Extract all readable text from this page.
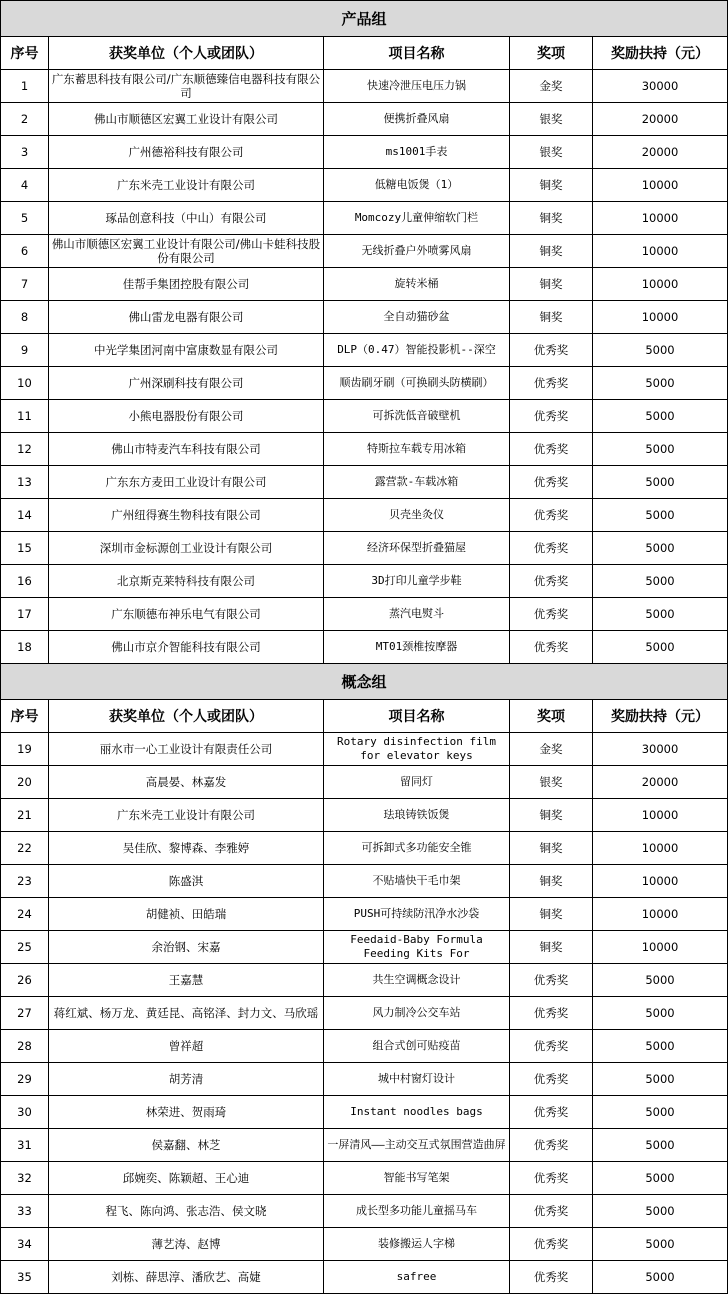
产品组				
序号	获奖单位（个人或团队）	项目名称	奖项	奖励扶持（元）
1	广东蓄思科技有限公司/广东顺德臻信电器科技有限公司	快速冷泄压电压力锅	金奖	30000
2	佛山市顺德区宏翼工业设计有限公司	便携折叠风扇	银奖	20000
3	广州德裕科技有限公司	ms1001手表	银奖	20000
4	广东米壳工业设计有限公司	低糖电饭煲（1）	铜奖	10000
5	琢品创意科技（中山）有限公司	Momcozy儿童伸缩软门栏	铜奖	10000
6	佛山市顺德区宏翼工业设计有限公司/佛山卡蛙科技股份有限公司	无线折叠户外喷雾风扇	铜奖	10000
7	佳帮手集团控股有限公司	旋转米桶	铜奖	10000
8	佛山雷龙电器有限公司	全自动猫砂盆	铜奖	10000
9	中光学集团河南中富康数显有限公司	DLP（0.47）智能投影机--深空	优秀奖	5000
10	广州深刷科技有限公司	顺齿刷牙刷（可换刷头防横刷）	优秀奖	5000
11	小熊电器股份有限公司	可拆洗低音破壁机	优秀奖	5000
12	佛山市特麦汽车科技有限公司	特斯拉车载专用冰箱	优秀奖	5000
13	广东东方麦田工业设计有限公司	露营款-车载冰箱	优秀奖	5000
14	广州纽得赛生物科技有限公司	贝壳坐灸仪	优秀奖	5000
15	深圳市金标源创工业设计有限公司	经济环保型折叠猫屋	优秀奖	5000
16	北京斯克莱特科技有限公司	3D打印儿童学步鞋	优秀奖	5000
17	广东顺德布神乐电气有限公司	蒸汽电熨斗	优秀奖	5000
18	佛山市京介智能科技有限公司	MT01颈椎按摩器	优秀奖	5000
概念组				
序号	获奖单位（个人或团队）	项目名称	奖项	奖励扶持（元）
19	丽水市一心工业设计有限责任公司	Rotary disinfection film for elevator keys	金奖	30000
20	高晨晏、林嘉发	留同灯	银奖	20000
21	广东米壳工业设计有限公司	珐琅铸铁饭煲	铜奖	10000
22	吴佳欣、黎博森、李雅婷	可拆卸式多功能安全锥	铜奖	10000
23	陈盛淇	不贴墙快干毛巾架	铜奖	10000
24	胡健祯、田皓瑞	PUSH可持续防汛净水沙袋	铜奖	10000
25	余治钢、宋嘉	Feedaid-Baby Formula Feeding Kits For	铜奖	10000
26	王嘉慧	共生空调概念设计	优秀奖	5000
27	蒋红斌、杨万龙、黄廷昆、高铭泽、封力文、马欣瑶	风力制冷公交车站	优秀奖	5000
28	曾祥超	组合式创可贴疫苗	优秀奖	5000
29	胡芳清	城中村窗灯设计	优秀奖	5000
30	林荣进、贺雨琦	Instant noodles bags	优秀奖	5000
31	侯嘉翻、林芝	一屏清风——主动交互式氛围营造曲屏	优秀奖	5000
32	邱婉奕、陈颖超、王心迪	智能书写笔架	优秀奖	5000
33	程飞、陈向鸿、张志浩、侯文晓	成长型多功能儿童摇马车	优秀奖	5000
34	薄艺涛、赵博	装修搬运人字梯	优秀奖	5000
35	刘栋、薛思淳、潘欣艺、高婕	safree	优秀奖	5000
